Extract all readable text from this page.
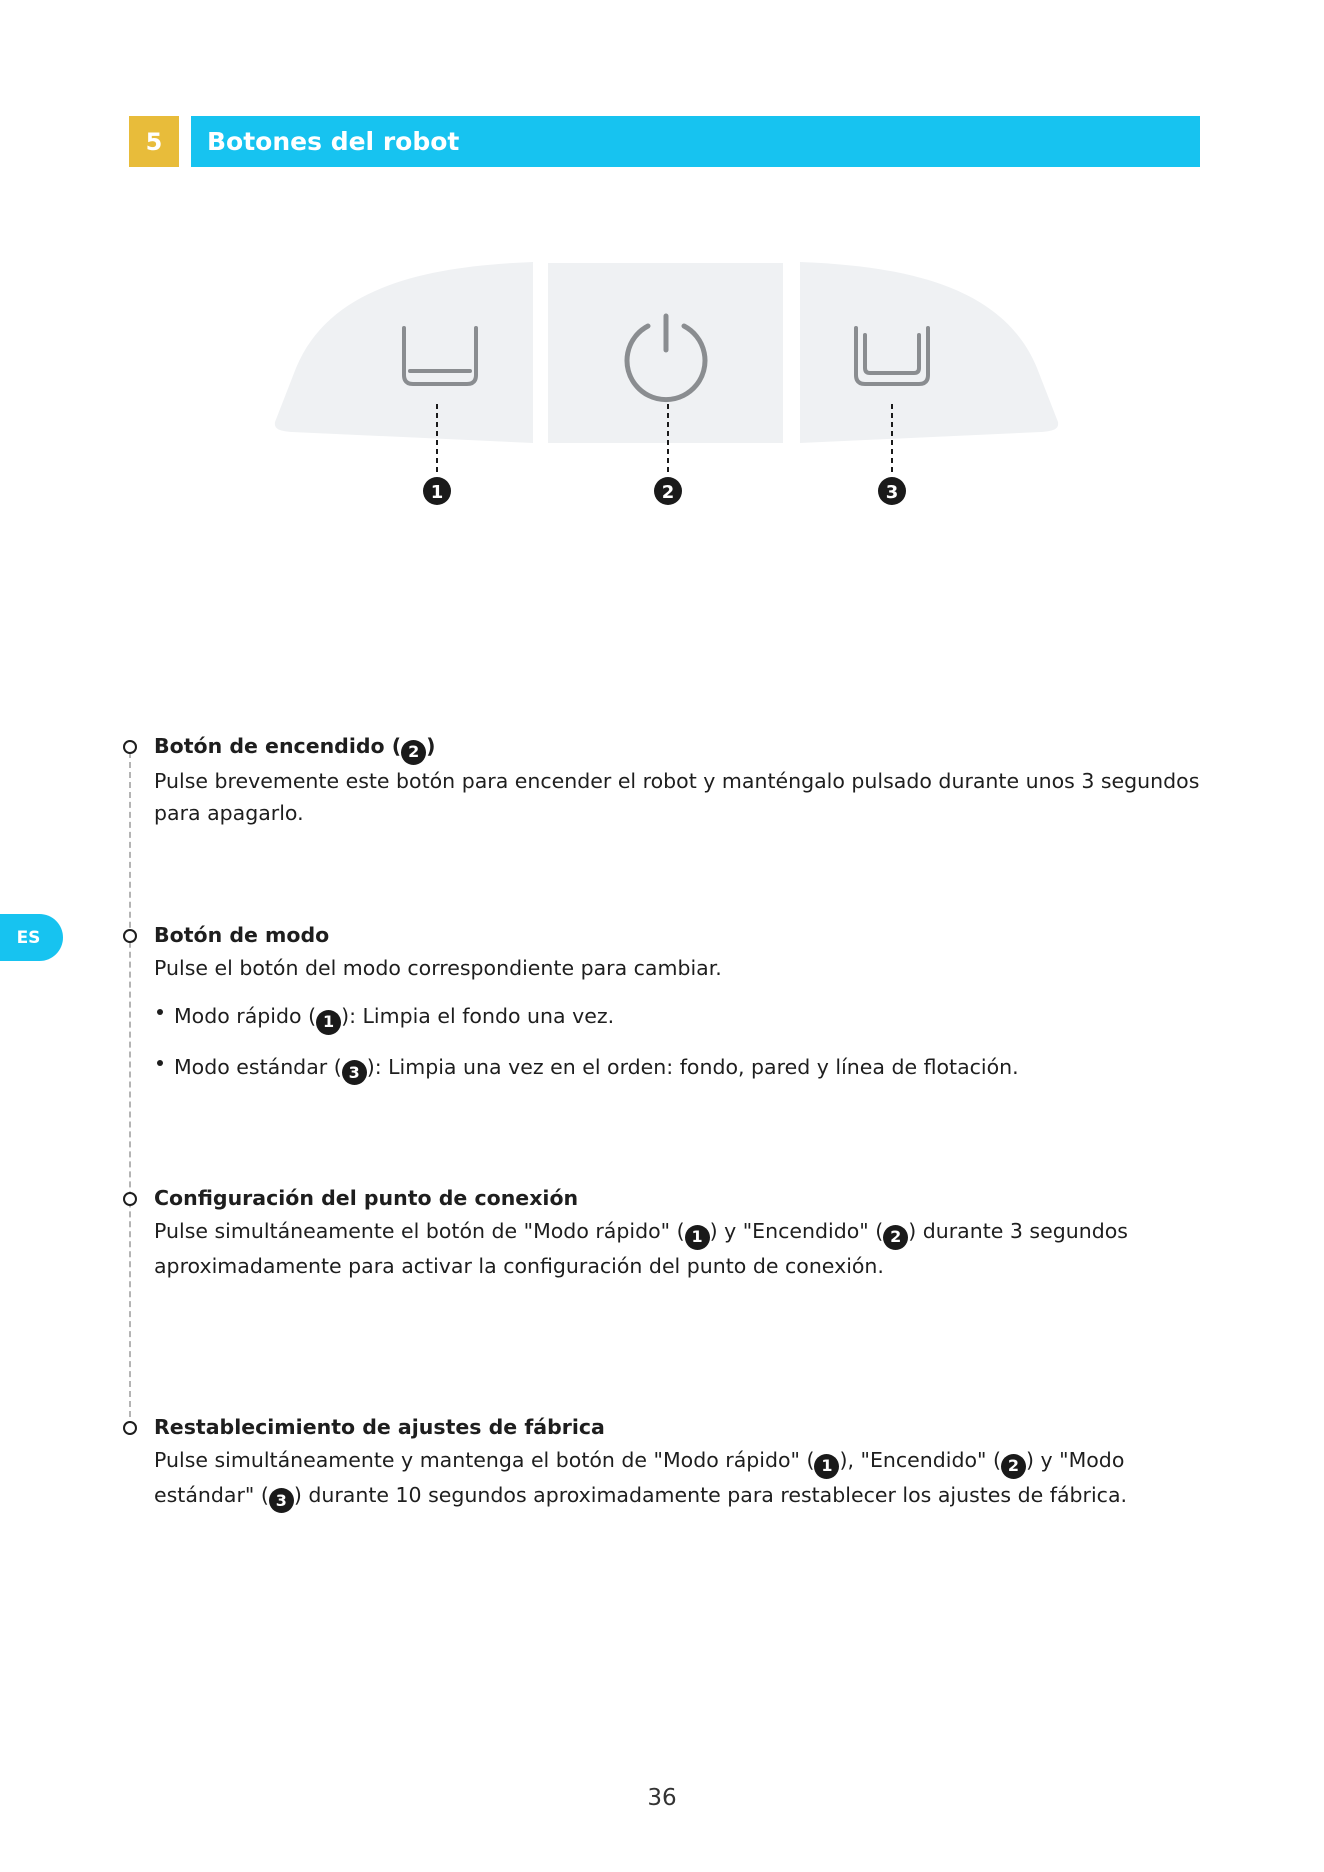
5	Botones del robot
1	2	3
ES
Botón de encendido ( 2 )
Pulse brevemente este botón para encender el robot y manténgalo pulsado durante unos 3 segundos para apagarlo.
Botón de modo
Pulse el botón del modo correspondiente para cambiar.
Modo rápido ( 1 ): Limpia el fondo una vez.
Modo estándar ( 3 ): Limpia una vez en el orden: fondo, pared y línea de flotación.
Configuración del punto de conexión
Pulse simultáneamente el botón de "Modo rápido" ( 1 ) y "Encendido" ( 2 ) durante 3 segundos aproximadamente para activar la configuración del punto de conexión.
Restablecimiento de ajustes de fábrica
Pulse simultáneamente y mantenga el botón de "Modo rápido" ( 1 ), "Encendido" ( 2 ) y "Modo estándar" ( 3 ) durante 10 segundos aproximadamente para restablecer los ajustes de fábrica.
36
